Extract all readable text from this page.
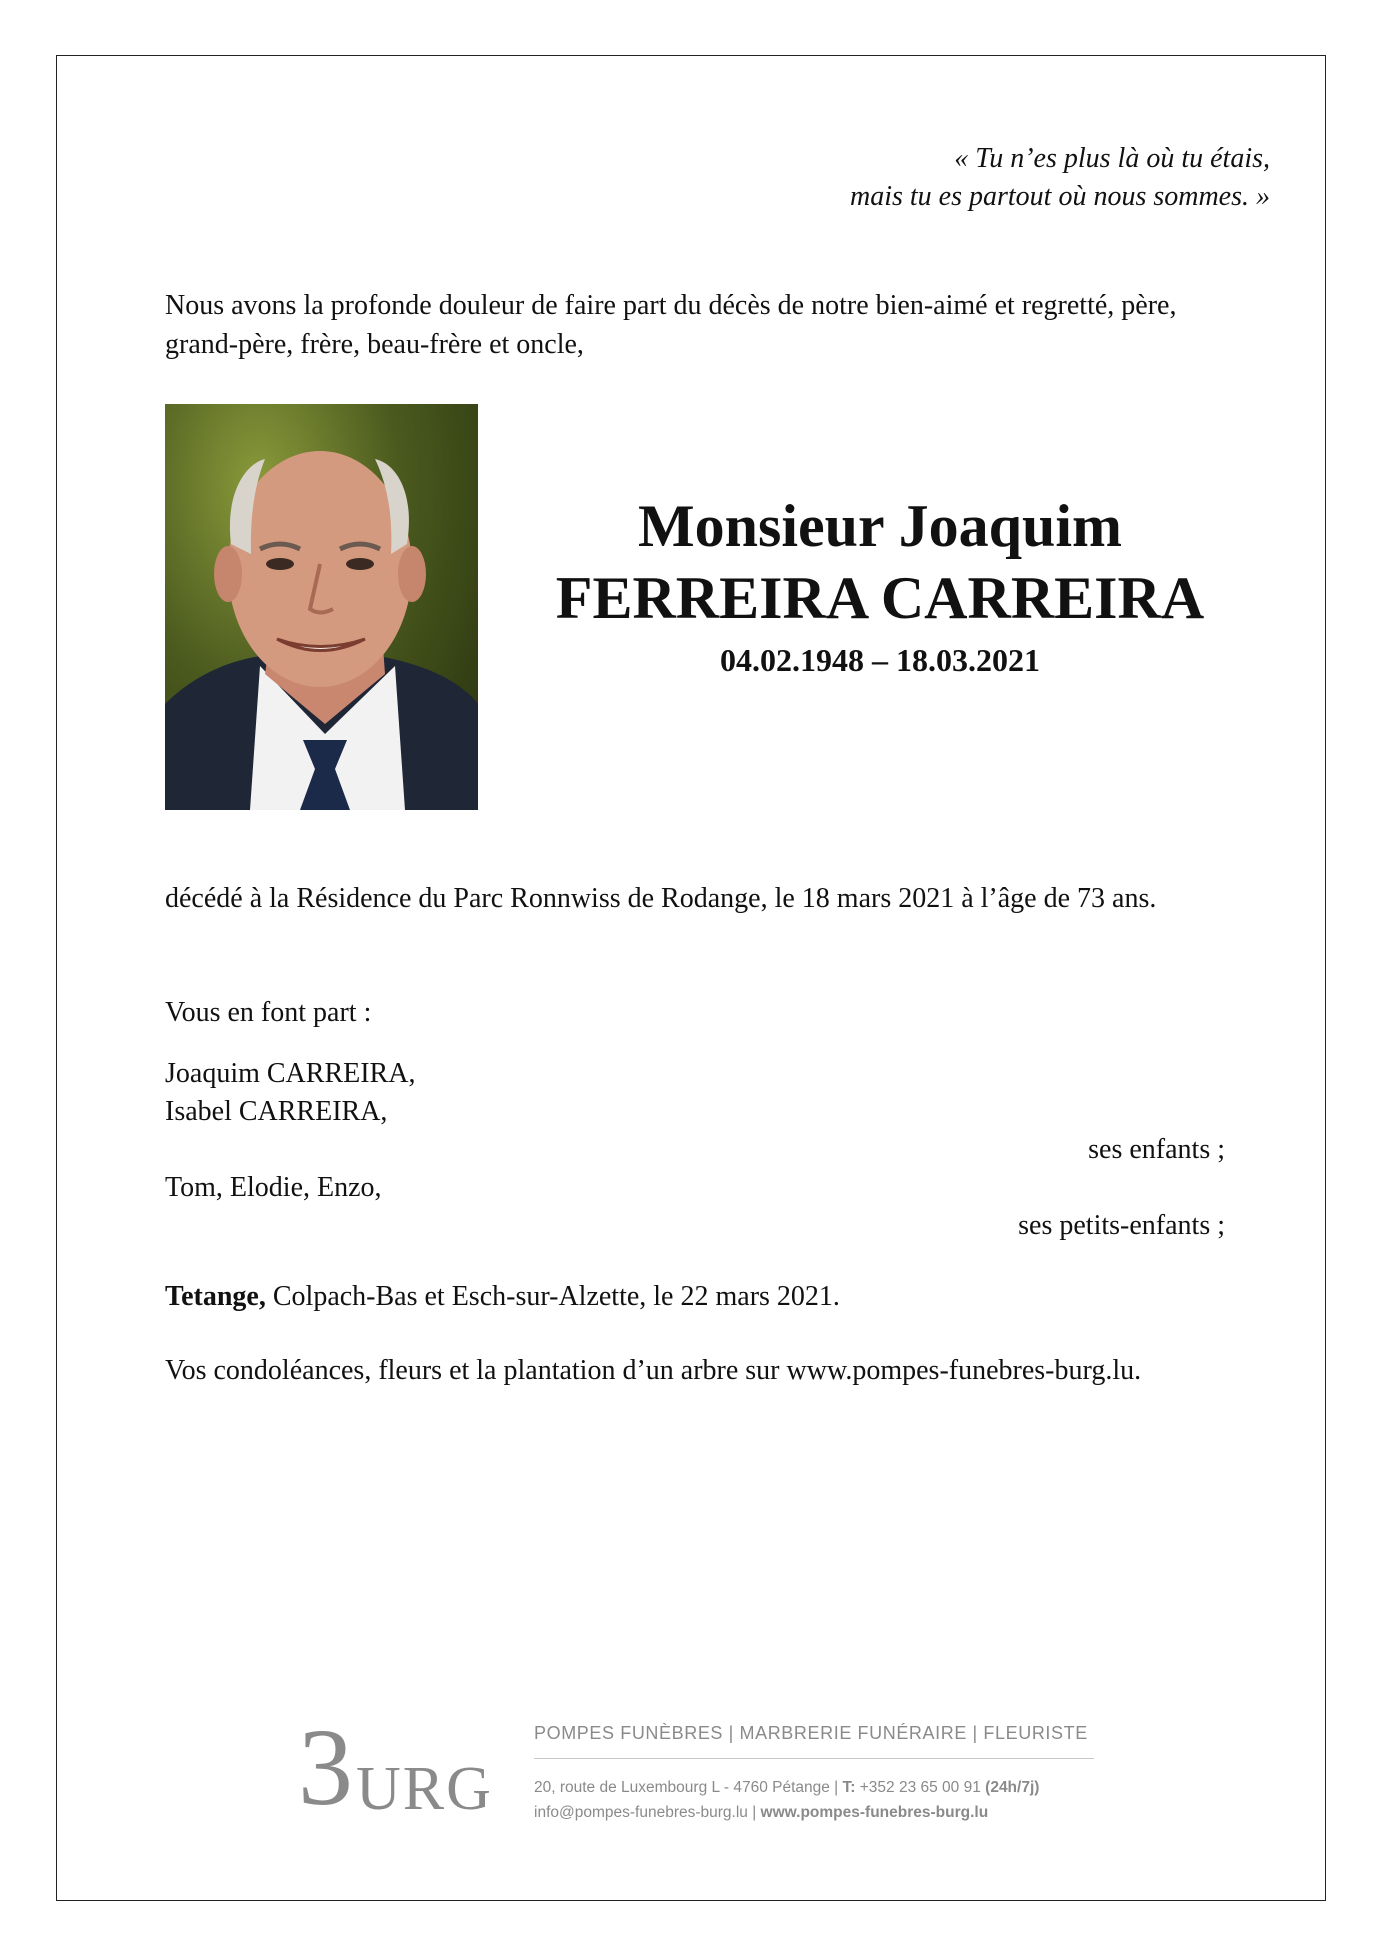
« Tu n’es plus là où tu étais,
mais tu es partout où nous sommes. »
Nous avons la profonde douleur de faire part du décès de notre bien-aimé et regretté, père, grand-père, frère, beau-frère et oncle,
Monsieur Joaquim
FERREIRA CARREIRA
04.02.1948 – 18.03.2021
décédé à la Résidence du Parc Ronnwiss de Rodange, le 18 mars 2021 à l’âge de 73 ans.
Vous en font part :
Joaquim CARREIRA,
Isabel CARREIRA,
ses enfants ;
Tom, Elodie, Enzo,
ses petits-enfants ;
Tetange, Colpach-Bas et Esch-sur-Alzette, le 22 mars 2021.
Vos condoléances, fleurs et la plantation d’un arbre sur www.pompes-funebres-burg.lu.
3 URG
POMPES FUNÈBRES | MARBRERIE FUNÉRAIRE | FLEURISTE
20, route de Luxembourg L - 4760 Pétange | T: +352 23 65 00 91 (24h/7j)
info@pompes-funebres-burg.lu | www.pompes-funebres-burg.lu
